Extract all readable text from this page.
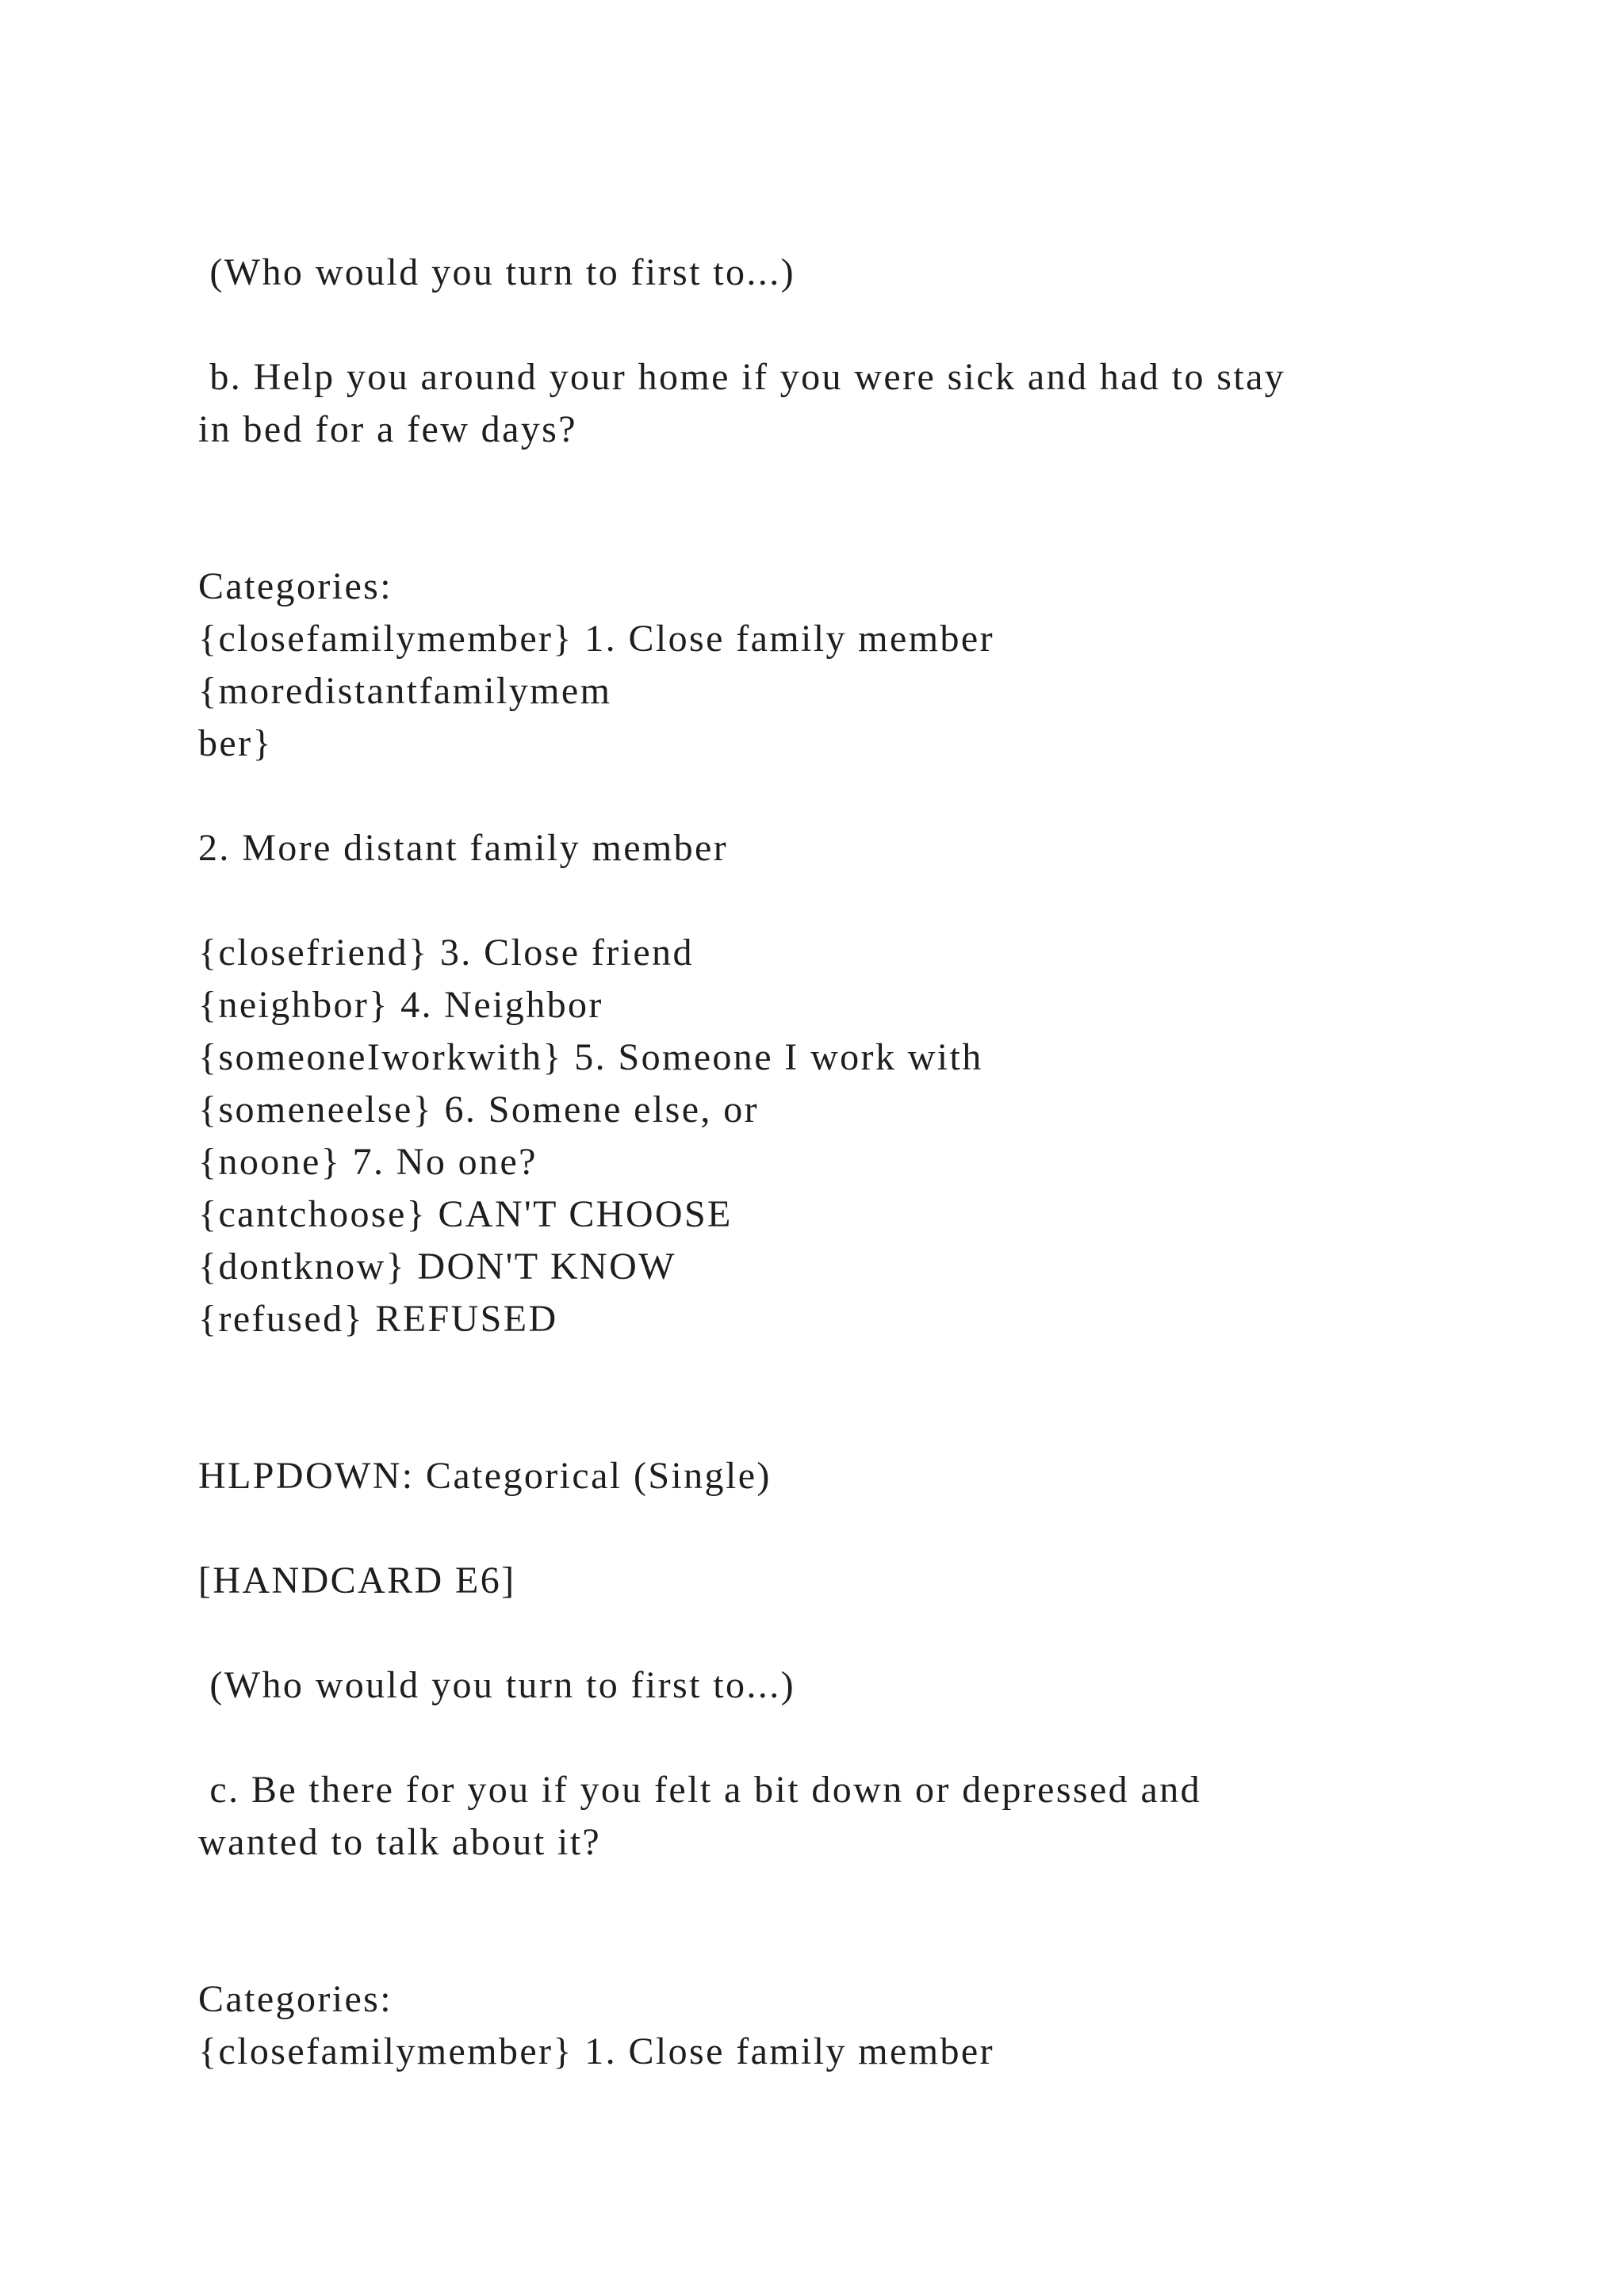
(Who would you turn to first to...)

b. Help you around your home if you were sick and had to stay

in bed for a few days?

Categories:

{closefamilymember} 1. Close family member

{moredistantfamilymem

ber}

2. More distant family member

{closefriend} 3. Close friend

{neighbor} 4. Neighbor

{someoneIworkwith} 5. Someone I work with

{someneelse} 6. Somene else, or

{noone} 7. No one?

{cantchoose} CAN'T CHOOSE

{dontknow} DON'T KNOW

{refused} REFUSED

HLPDOWN: Categorical (Single)

[HANDCARD E6]

(Who would you turn to first to...)

c. Be there for you if you felt a bit down or depressed and

wanted to talk about it?

Categories:

{closefamilymember} 1. Close family member
